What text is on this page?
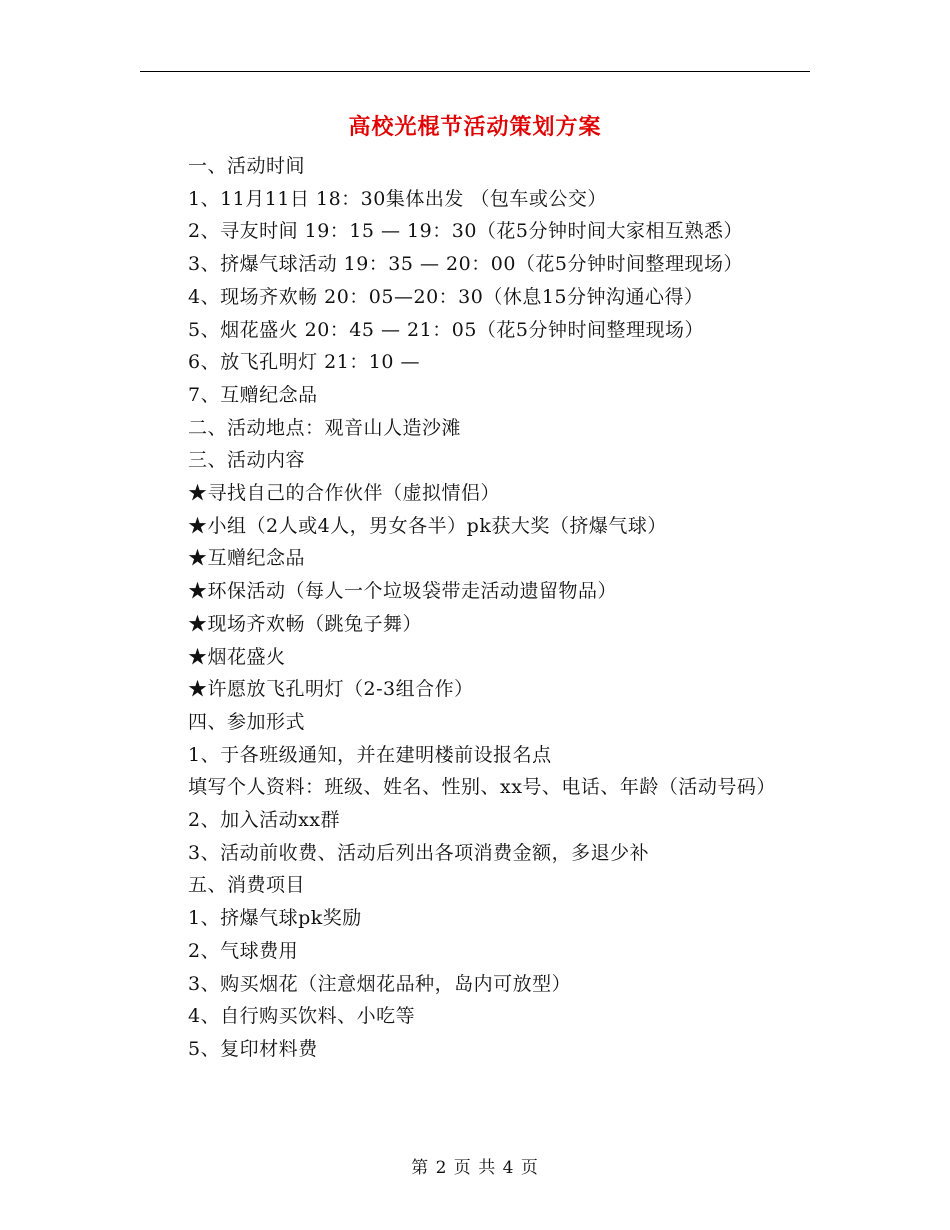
高校光棍节活动策划方案
一、活动时间
1、11月11日 18：30集体出发 （包车或公交）
2、寻友时间 19：15 — 19：30（花5分钟时间大家相互熟悉）
3、挤爆气球活动 19：35 — 20：00（花5分钟时间整理现场）
4、现场齐欢畅 20：05—20：30（休息15分钟沟通心得）
5、烟花盛火 20：45 — 21：05（花5分钟时间整理现场）
6、放飞孔明灯 21：10 —
7、互赠纪念品
二、活动地点：观音山人造沙滩
三、活动内容
★寻找自己的合作伙伴（虚拟情侣）
★小组（2人或4人，男女各半）pk获大奖（挤爆气球）
★互赠纪念品
★环保活动（每人一个垃圾袋带走活动遗留物品）
★现场齐欢畅（跳兔子舞）
★烟花盛火
★许愿放飞孔明灯（2-3组合作）
四、参加形式
1、于各班级通知，并在建明楼前设报名点
填写个人资料：班级、姓名、性别、xx号、电话、年龄（活动号码）
2、加入活动xx群
3、活动前收费、活动后列出各项消费金额，多退少补
五、消费项目
1、挤爆气球pk奖励
2、气球费用
3、购买烟花（注意烟花品种，岛内可放型）
4、自行购买饮料、小吃等
5、复印材料费
第 2 页 共 4 页
